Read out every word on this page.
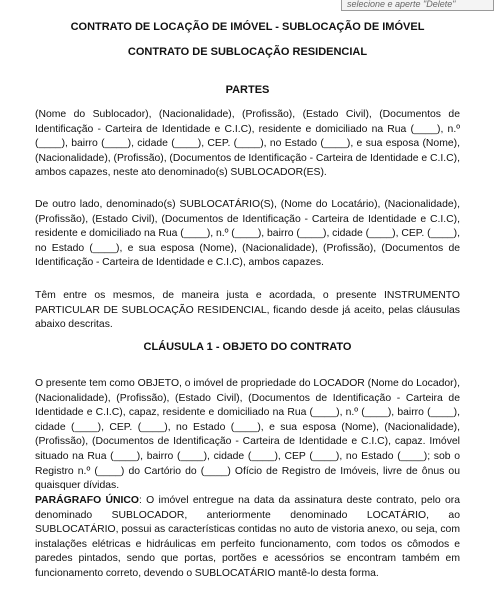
selecione e aperte "Delete"
CONTRATO DE LOCAÇÃO DE IMÓVEL - SUBLOCAÇÃO DE IMÓVEL
CONTRATO DE SUBLOCAÇÃO RESIDENCIAL
PARTES

(Nome do Sublocador), (Nacionalidade), (Profissão), (Estado Civil), (Documentos de Identificação - Carteira de Identidade e C.I.C), residente e domiciliado na Rua (____), n.º (____), bairro (____), cidade (____), CEP. (____), no Estado (____), e sua esposa (Nome), (Nacionalidade), (Profissão), (Documentos de Identificação - Carteira de Identidade e C.I.C), ambos capazes, neste ato denominado(s) SUBLOCADOR(ES).

De outro lado, denominado(s) SUBLOCATÁRIO(S), (Nome do Locatário), (Nacionalidade), (Profissão), (Estado Civil), (Documentos de Identificação - Carteira de Identidade e C.I.C), residente e domiciliado na Rua (____), n.º (____), bairro (____), cidade (____), CEP. (____), no Estado (____), e sua esposa (Nome), (Nacionalidade), (Profissão), (Documentos de Identificação - Carteira de Identidade e C.I.C), ambos capazes.

Têm entre os mesmos, de maneira justa e acordada, o presente INSTRUMENTO PARTICULAR DE SUBLOCAÇÃO RESIDENCIAL, ficando desde já aceito, pelas cláusulas abaixo descritas.

CLÁUSULA 1 - OBJETO DO CONTRATO

O presente tem como OBJETO, o imóvel de propriedade do LOCADOR (Nome do Locador), (Nacionalidade), (Profissão), (Estado Civil), (Documentos de Identificação - Carteira de Identidade e C.I.C), capaz, residente e domiciliado na Rua (____), n.º (____), bairro (____), cidade (____), CEP. (____), no Estado (____), e sua esposa (Nome), (Nacionalidade), (Profissão), (Documentos de Identificação - Carteira de Identidade e C.I.C), capaz. Imóvel situado na Rua (____), bairro (____), cidade (____), CEP (____), no Estado (____); sob o Registro n.º (____) do Cartório do (____) Ofício de Registro de Imóveis, livre de ônus ou quaisquer dívidas.

PARÁGRAFO ÚNICO: O imóvel entregue na data da assinatura deste contrato, pelo ora denominado SUBLOCADOR, anteriormente denominado LOCATÁRIO, ao SUBLOCATÁRIO, possui as características contidas no auto de vistoria anexo, ou seja, com instalações elétricas e hidráulicas em perfeito funcionamento, com todos os cômodos e paredes pintados, sendo que portas, portões e acessórios se encontram também em funcionamento correto, devendo o SUBLOCATÁRIO mantê-lo desta forma.
